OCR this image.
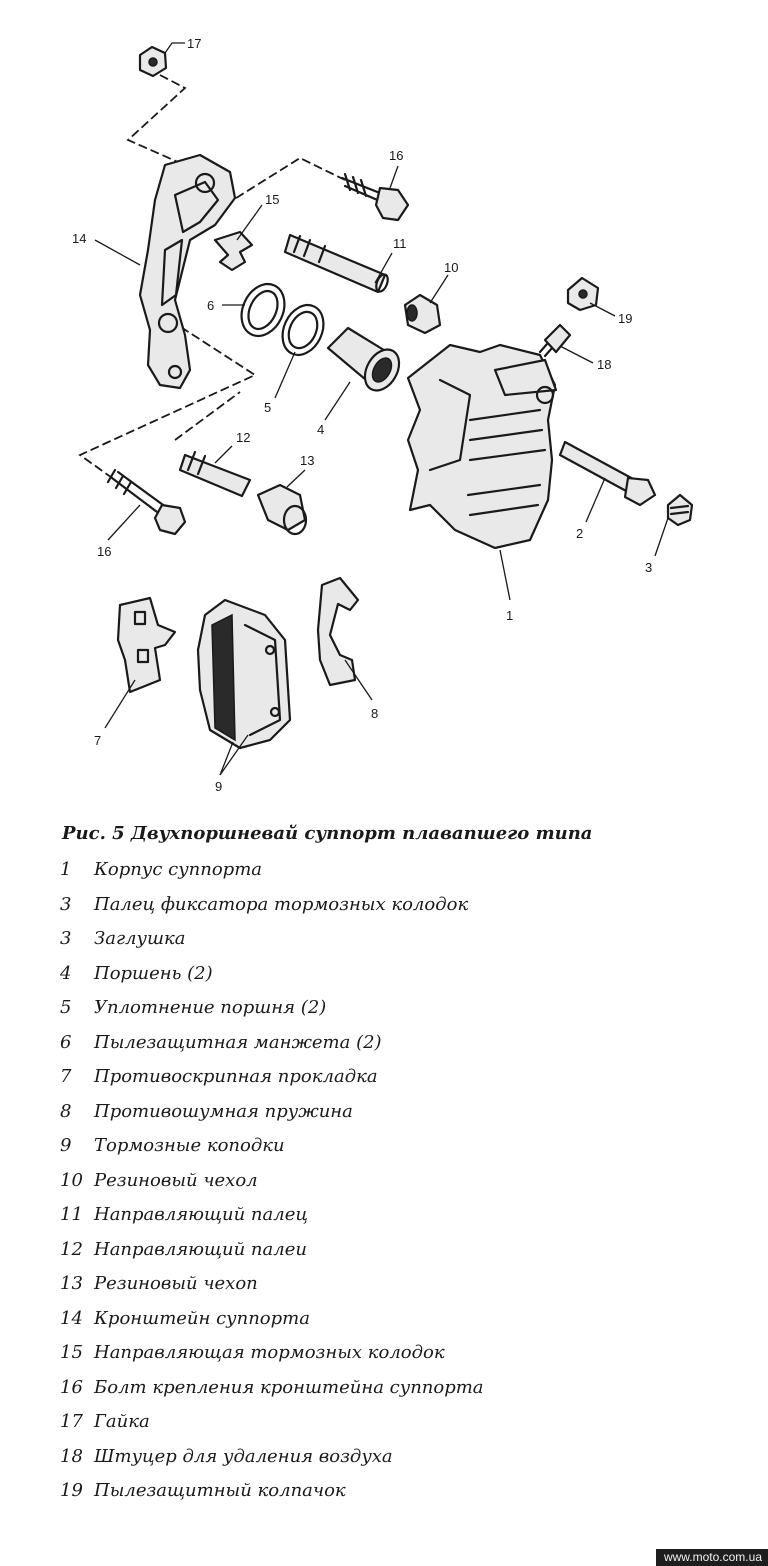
17
16
15
14	11
10
19
18
6
5
4
12
13
16
2
3
1
7
8
9
Рис. 5 Двухпоршневай суппорт плавапшего типа
1	Корпус суппорта
3	Палец фиксатора тормозных колодок
3	Заглушка
4	Поршень (2)
5	Уплотнение поршня (2)
6	Пылезащитная манжета (2)
7	Противоскрипная прокладка
8	Противошумная пружина
9	Тормозные коподки
10 Резиновый чехол
11 Направляющий палец
12 Направляющий палеи
13 Резиновый чехоп
14 Кронштейн суппорта
15 Направляющая тормозных колодок
16 Болт крепления кронштейна суппорта
17 Гайка
18 Штуцер для удаления воздуха
19 Пылезащитный колпачок
www.moto.com.ua
